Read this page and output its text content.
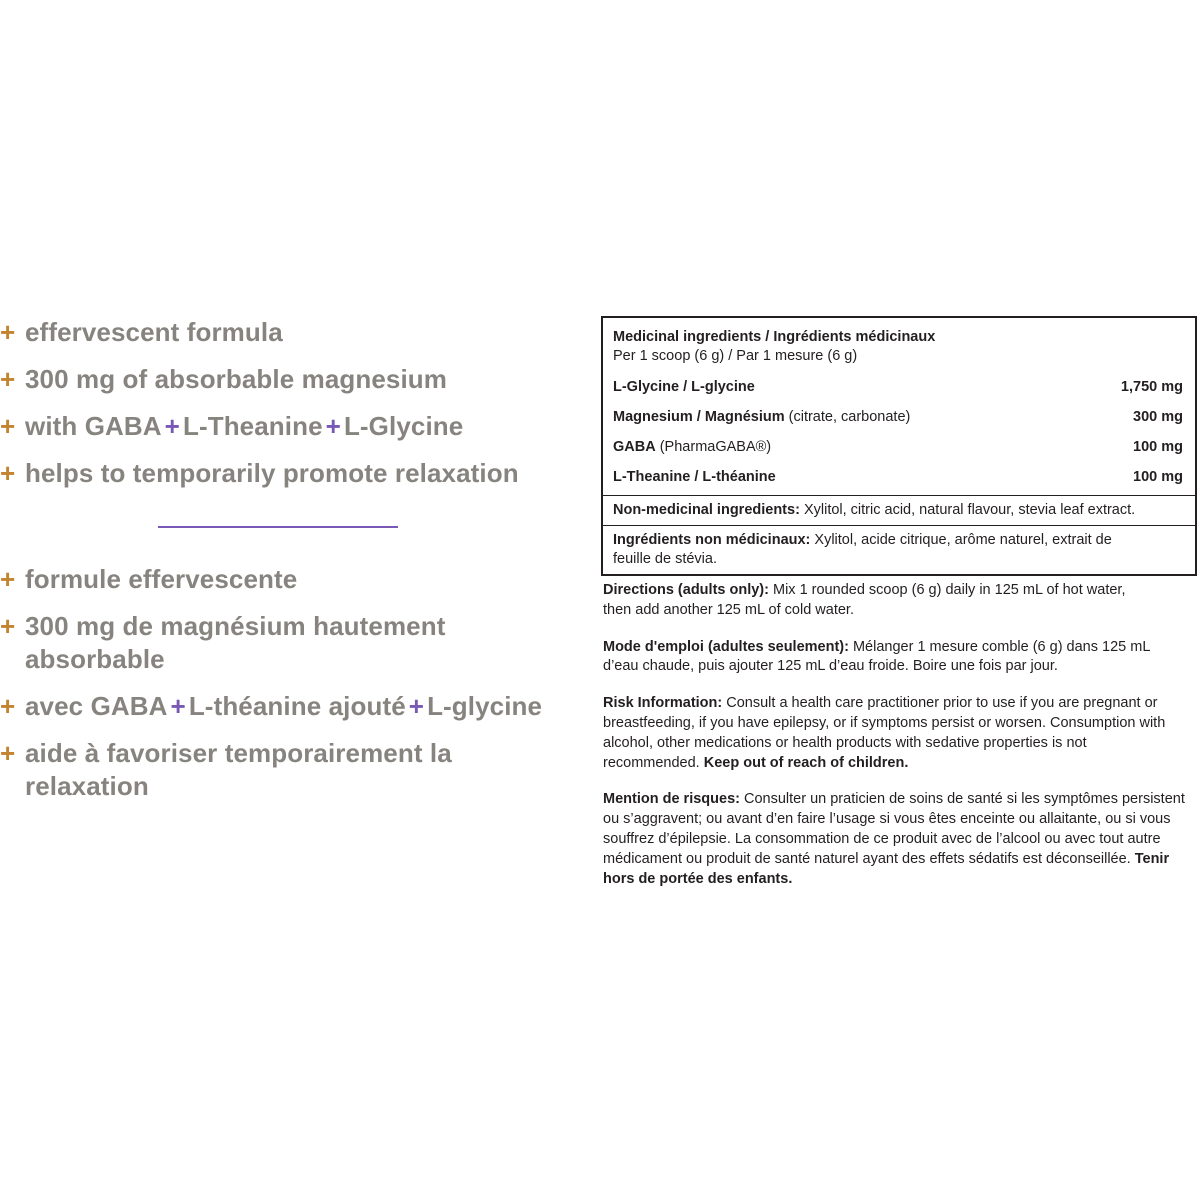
+ effervescent formula
+ 300 mg of absorbable magnesium
+ with GABA + L-Theanine + L-Glycine
+ helps to temporarily promote relaxation
+ formule effervescente
+ 300 mg de magnésium hautement absorbable
+ avec GABA + L-théanine ajouté + L-glycine
+ aide à favoriser temporairement la relaxation
Medicinal ingredients / Ingrédients médicinaux
Per 1 scoop (6 g) / Par 1 mesure (6 g)
L-Glycine / L-glycine	1,750 mg
Magnesium / Magnésium (citrate, carbonate)	300 mg
GABA (PharmaGABA®)	100 mg
L-Theanine / L-théanine	100 mg
Non-medicinal ingredients: Xylitol, citric acid, natural flavour, stevia leaf extract.
Ingrédients non médicinaux: Xylitol, acide citrique, arôme naturel, extrait de feuille de stévia.

Directions (adults only): Mix 1 rounded scoop (6 g) daily in 125 mL of hot water, then add another 125 mL of cold water.

Mode d'emploi (adultes seulement): Mélanger 1 mesure comble (6 g) dans 125 mL d’eau chaude, puis ajouter 125 mL d’eau froide. Boire une fois par jour.

Risk Information: Consult a health care practitioner prior to use if you are pregnant or breastfeeding, if you have epilepsy, or if symptoms persist or worsen. Consumption with alcohol, other medications or health products with sedative properties is not recommended. Keep out of reach of children.

Mention de risques: Consulter un praticien de soins de santé si les symptômes persistent ou s’aggravent; ou avant d’en faire l’usage si vous êtes enceinte ou allaitante, ou si vous souffrez d’épilepsie. La consommation de ce produit avec de l’alcool ou avec tout autre médicament ou produit de santé naturel ayant des effets sédatifs est déconseillée. Tenir hors de portée des enfants.
